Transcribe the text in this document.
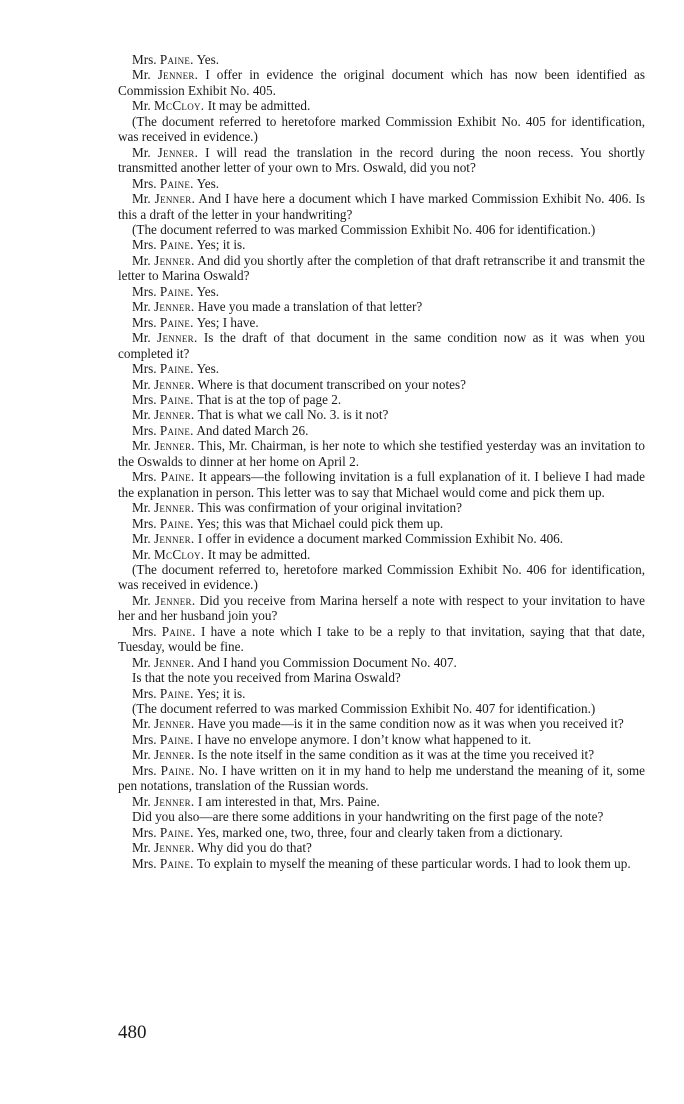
Mrs. Paine. Yes.

Mr. Jenner. I offer in evidence the original document which has now been identified as Commission Exhibit No. 405.

Mr. McCloy. It may be admitted.

(The document referred to heretofore marked Commission Exhibit No. 405 for identification, was received in evidence.)

Mr. Jenner. I will read the translation in the record during the noon recess. You shortly transmitted another letter of your own to Mrs. Oswald, did you not?

Mrs. Paine. Yes.

Mr. Jenner. And I have here a document which I have marked Commission Exhibit No. 406. Is this a draft of the letter in your handwriting?

(The document referred to was marked Commission Exhibit No. 406 for identification.)

Mrs. Paine. Yes; it is.

Mr. Jenner. And did you shortly after the completion of that draft retranscribe it and transmit the letter to Marina Oswald?

Mrs. Paine. Yes.

Mr. Jenner. Have you made a translation of that letter?

Mrs. Paine. Yes; I have.

Mr. Jenner. Is the draft of that document in the same condition now as it was when you completed it?

Mrs. Paine. Yes.

Mr. Jenner. Where is that document transcribed on your notes?

Mrs. Paine. That is at the top of page 2.

Mr. Jenner. That is what we call No. 3. is it not?

Mrs. Paine. And dated March 26.

Mr. Jenner. This, Mr. Chairman, is her note to which she testified yesterday was an invitation to the Oswalds to dinner at her home on April 2.

Mrs. Paine. It appears—the following invitation is a full explanation of it. I believe I had made the explanation in person. This letter was to say that Michael would come and pick them up.

Mr. Jenner. This was confirmation of your original invitation?

Mrs. Paine. Yes; this was that Michael could pick them up.

Mr. Jenner. I offer in evidence a document marked Commission Exhibit No. 406.

Mr. McCloy. It may be admitted.

(The document referred to, heretofore marked Commission Exhibit No. 406 for identification, was received in evidence.)

Mr. Jenner. Did you receive from Marina herself a note with respect to your invitation to have her and her husband join you?

Mrs. Paine. I have a note which I take to be a reply to that invitation, saying that that date, Tuesday, would be fine.

Mr. Jenner. And I hand you Commission Document No. 407.

Is that the note you received from Marina Oswald?

Mrs. Paine. Yes; it is.

(The document referred to was marked Commission Exhibit No. 407 for identification.)

Mr. Jenner. Have you made—is it in the same condition now as it was when you received it?

Mrs. Paine. I have no envelope anymore. I don’t know what happened to it.

Mr. Jenner. Is the note itself in the same condition as it was at the time you received it?

Mrs. Paine. No. I have written on it in my hand to help me understand the meaning of it, some pen notations, translation of the Russian words.

Mr. Jenner. I am interested in that, Mrs. Paine.

Did you also—are there some additions in your handwriting on the first page of the note?

Mrs. Paine. Yes, marked one, two, three, four and clearly taken from a dictionary.

Mr. Jenner. Why did you do that?

Mrs. Paine. To explain to myself the meaning of these particular words. I had to look them up.

480
